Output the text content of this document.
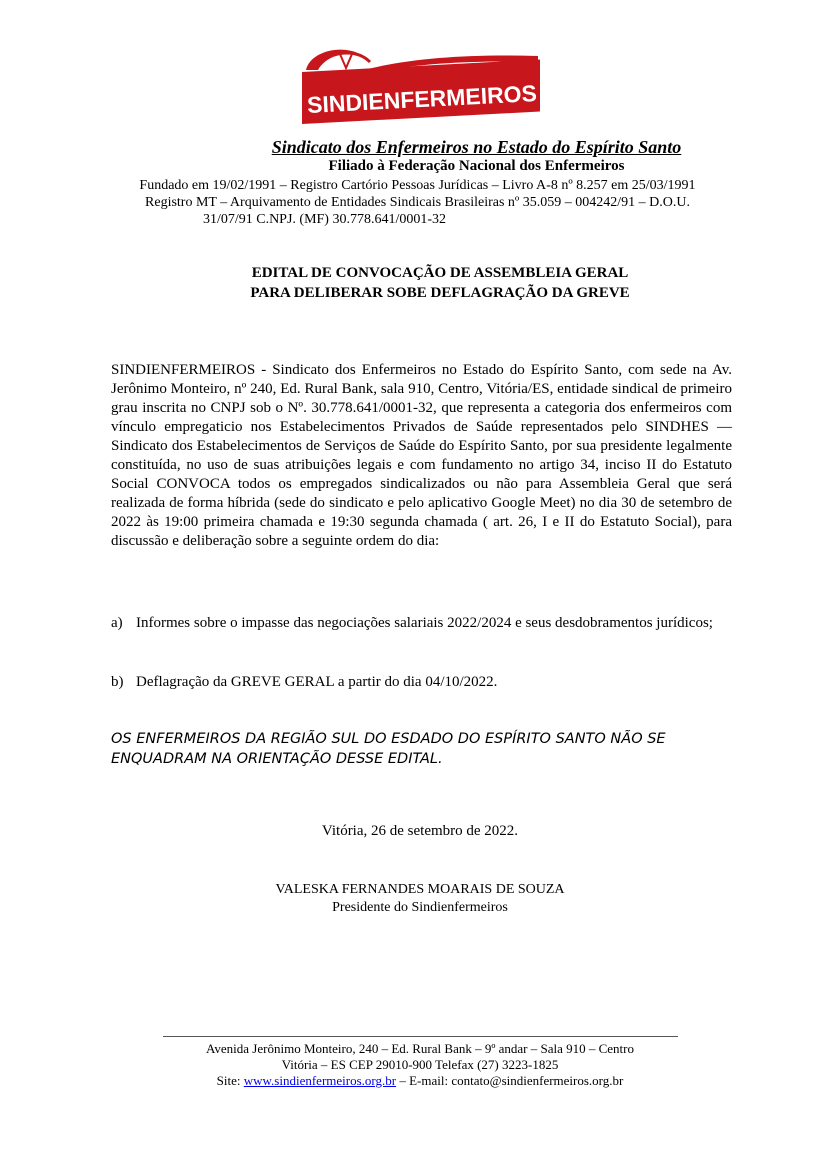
SINDIENFERMEIROS
Sindicato dos Enfermeiros no Estado do Espírito Santo
Filiado à Federação Nacional dos Enfermeiros
Fundado em 19/02/1991 – Registro Cartório Pessoas Jurídicas – Livro A-8 nº 8.257 em 25/03/1991
Registro MT – Arquivamento de Entidades Sindicais Brasileiras nº 35.059 – 004242/91 – D.O.U.
31/07/91 C.NPJ. (MF) 30.778.641/0001-32
EDITAL DE CONVOCAÇÃO DE ASSEMBLEIA GERAL
PARA DELIBERAR SOBE DEFLAGRAÇÃO DA GREVE

SINDIENFERMEIROS - Sindicato dos Enfermeiros no Estado do Espírito Santo, com sede na Av. Jerônimo Monteiro, nº 240, Ed. Rural Bank, sala 910, Centro, Vitória/ES, entidade sindical de primeiro grau inscrita no CNPJ sob o Nº. 30.778.641/0001-32, que representa a categoria dos enfermeiros com vínculo empregaticio nos Estabelecimentos Privados de Saúde representados pelo SINDHES — Sindicato dos Estabelecimentos de Serviços de Saúde do Espírito Santo, por sua presidente legalmente constituída, no uso de suas atribuições legais e com fundamento no artigo 34, inciso II do Estatuto Social CONVOCA todos os empregados sindicalizados ou não para Assembleia Geral que será realizada de forma híbrida (sede do sindicato e pelo aplicativo Google Meet) no dia 30 de setembro de 2022 às 19:00 primeira chamada e 19:30 segunda chamada ( art. 26, I e II do Estatuto Social), para discussão e deliberação sobre a seguinte ordem do dia:

a) Informes sobre o impasse das negociações salariais 2022/2024 e seus desdobramentos jurídicos;
b) Deflagração da GREVE GERAL a partir do dia 04/10/2022.
OS ENFERMEIROS DA REGIÃO SUL DO ESDADO DO ESPÍRITO SANTO NÃO SE ENQUADRAM NA ORIENTAÇÃO DESSE EDITAL.
Vitória, 26 de setembro de 2022.
VALESKA FERNANDES MOARAIS DE SOUZA
Presidente do Sindienfermeiros
Avenida Jerônimo Monteiro, 240 – Ed. Rural Bank – 9º andar – Sala 910 – Centro
Vitória – ES CEP 29010-900 Telefax (27) 3223-1825
Site: www.sindienfermeiros.org.br – E-mail: contato@sindienfermeiros.org.br
